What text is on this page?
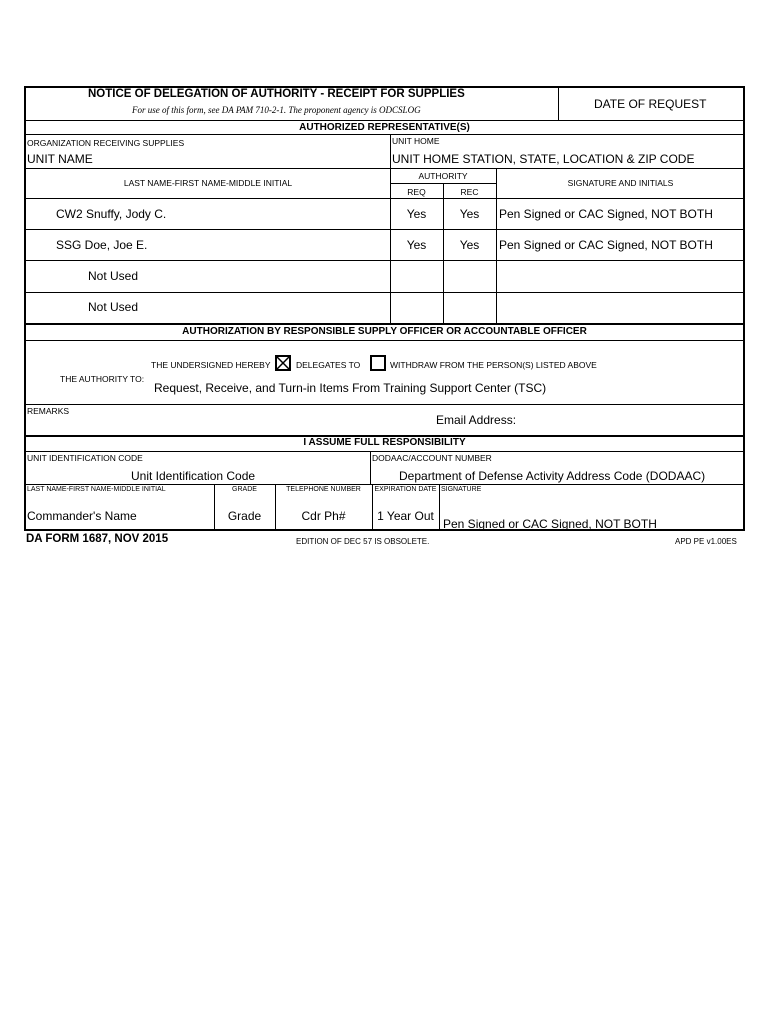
NOTICE OF DELEGATION OF AUTHORITY - RECEIPT FOR SUPPLIES
For use of this form, see DA PAM 710-2-1. The proponent agency is ODCSLOG	DATE OF REQUEST
AUTHORIZED REPRESENTATIVE(S)
ORGANIZATION RECEIVING SUPPLIES
UNIT NAME
UNIT HOME
UNIT HOME STATION, STATE, LOCATION & ZIP CODE
LAST NAME-FIRST NAME-MIDDLE INITIAL
AUTHORITY
REQ	REC
SIGNATURE AND INITIALS
CW2 Snuffy, Jody C.	Yes	Yes	Pen Signed or CAC Signed, NOT BOTH
SSG Doe, Joe E.	Yes	Yes	Pen Signed or CAC Signed, NOT BOTH
Not Used
Not Used
AUTHORIZATION BY RESPONSIBLE SUPPLY OFFICER OR ACCOUNTABLE OFFICER
THE UNDERSIGNED HEREBY	DELEGATES TO	WITHDRAW FROM THE PERSON(S) LISTED ABOVE
THE AUTHORITY TO:
Request, Receive, and Turn-in Items From Training Support Center (TSC)
REMARKS
Email Address:
I ASSUME FULL RESPONSIBILITY
UNIT IDENTIFICATION CODE
Unit Identification Code
DODAAC/ACCOUNT NUMBER
Department of Defense Activity Address Code (DODAAC)
LAST NAME-FIRST NAME-MIDDLE INITIAL	GRADE	TELEPHONE NUMBER	EXPIRATION DATE SIGNATURE
Commander's Name	Grade	Cdr Ph#	1 Year Out
Pen Signed or CAC Signed, NOT BOTH
DA FORM 1687, NOV 2015	EDITION OF DEC 57 IS OBSOLETE.	APD PE v1.00ES
